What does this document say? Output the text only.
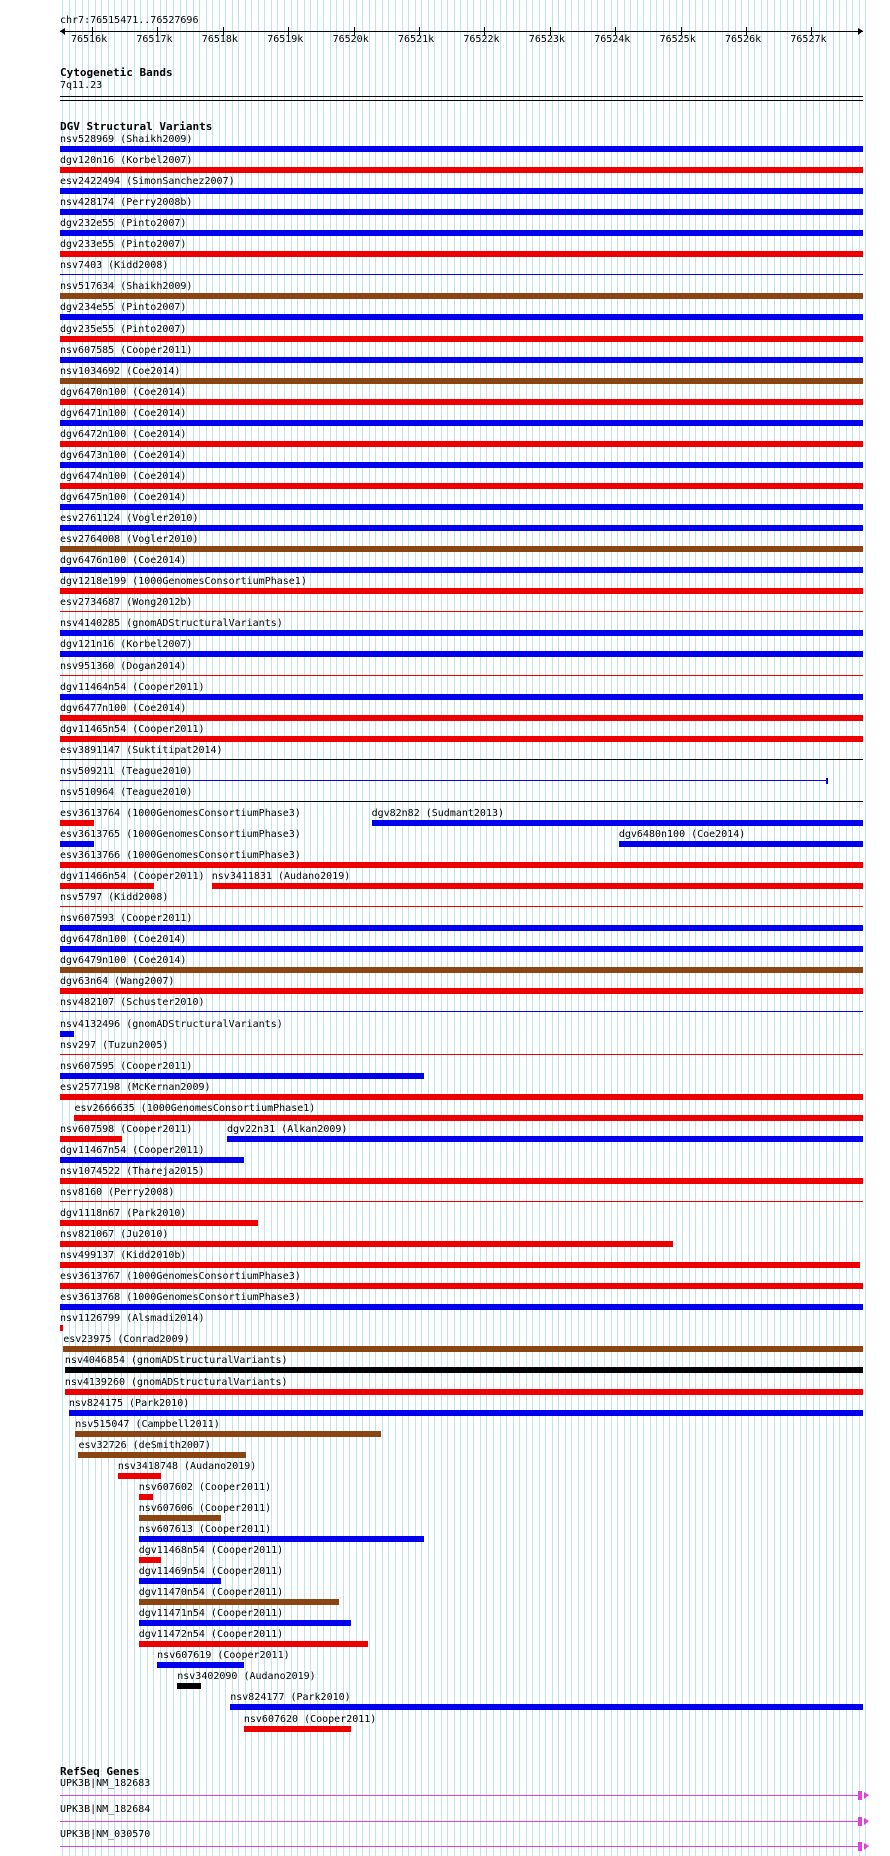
chr7:76515471..76527696
76516k	76517k	76518k	76519k	76520k	76521k	76522k	76523k	76524k	76525k	76526k	76527k
Cytogenetic Bands
7q11.23
DGV Structural Variants
nsv528969 (Shaikh2009)
dgv120n16 (Korbel2007)
esv2422494 (SimonSanchez2007)
nsv428174 (Perry2008b)
dgv232e55 (Pinto2007)
dgv233e55 (Pinto2007)
nsv7403 (Kidd2008)
nsv517634 (Shaikh2009)
dgv234e55 (Pinto2007)
dgv235e55 (Pinto2007)
nsv607585 (Cooper2011)
nsv1034692 (Coe2014)
dgv6470n100 (Coe2014)
dgv6471n100 (Coe2014)
dgv6472n100 (Coe2014)
dgv6473n100 (Coe2014)
dgv6474n100 (Coe2014)
dgv6475n100 (Coe2014)
esv2761124 (Vogler2010)
esv2764008 (Vogler2010)
dgv6476n100 (Coe2014)
dgv1218e199 (1000GenomesConsortiumPhase1)
esv2734687 (Wong2012b)
nsv4140285 (gnomADStructuralVariants)
dgv121n16 (Korbel2007)
nsv951360 (Dogan2014)
dgv11464n54 (Cooper2011)
dgv6477n100 (Coe2014)
dgv11465n54 (Cooper2011)
esv3891147 (Suktitipat2014)
nsv509211 (Teague2010)
nsv510964 (Teague2010)
esv3613764 (1000GenomesConsortiumPhase3)	dgv82n82 (Sudmant2013)
esv3613765 (1000GenomesConsortiumPhase3)	dgv6480n100 (Coe2014)
esv3613766 (1000GenomesConsortiumPhase3)
dgv11466n54 (Cooper2011) nsv3411831 (Audano2019)
nsv5797 (Kidd2008)
nsv607593 (Cooper2011)
dgv6478n100 (Coe2014)
dgv6479n100 (Coe2014)
dgv63n64 (Wang2007)
nsv482107 (Schuster2010)
nsv4132496 (gnomADStructuralVariants)
nsv297 (Tuzun2005)
nsv607595 (Cooper2011)
esv2577198 (McKernan2009)
esv2666635 (1000GenomesConsortiumPhase1)
nsv607598 (Cooper2011)	dgv22n31 (Alkan2009)
dgv11467n54 (Cooper2011)
nsv1074522 (Thareja2015)
nsv8160 (Perry2008)
dgv1118n67 (Park2010)
nsv821067 (Ju2010)
nsv499137 (Kidd2010b)
esv3613767 (1000GenomesConsortiumPhase3)
esv3613768 (1000GenomesConsortiumPhase3)
nsv1126799 (Alsmadi2014)
esv23975 (Conrad2009)
nsv4046854 (gnomADStructuralVariants)
nsv4139260 (gnomADStructuralVariants)
nsv824175 (Park2010)
nsv515047 (Campbell2011)
esv32726 (deSmith2007)
nsv3418748 (Audano2019)
nsv607602 (Cooper2011)
nsv607606 (Cooper2011)
nsv607613 (Cooper2011)
dgv11468n54 (Cooper2011)
dgv11469n54 (Cooper2011)
dgv11470n54 (Cooper2011)
dgv11471n54 (Cooper2011)
dgv11472n54 (Cooper2011)
nsv607619 (Cooper2011)
nsv3402090 (Audano2019)
nsv824177 (Park2010)
nsv607620 (Cooper2011)
RefSeq Genes
UPK3B|NM_182683
UPK3B|NM_182684
UPK3B|NM_030570
